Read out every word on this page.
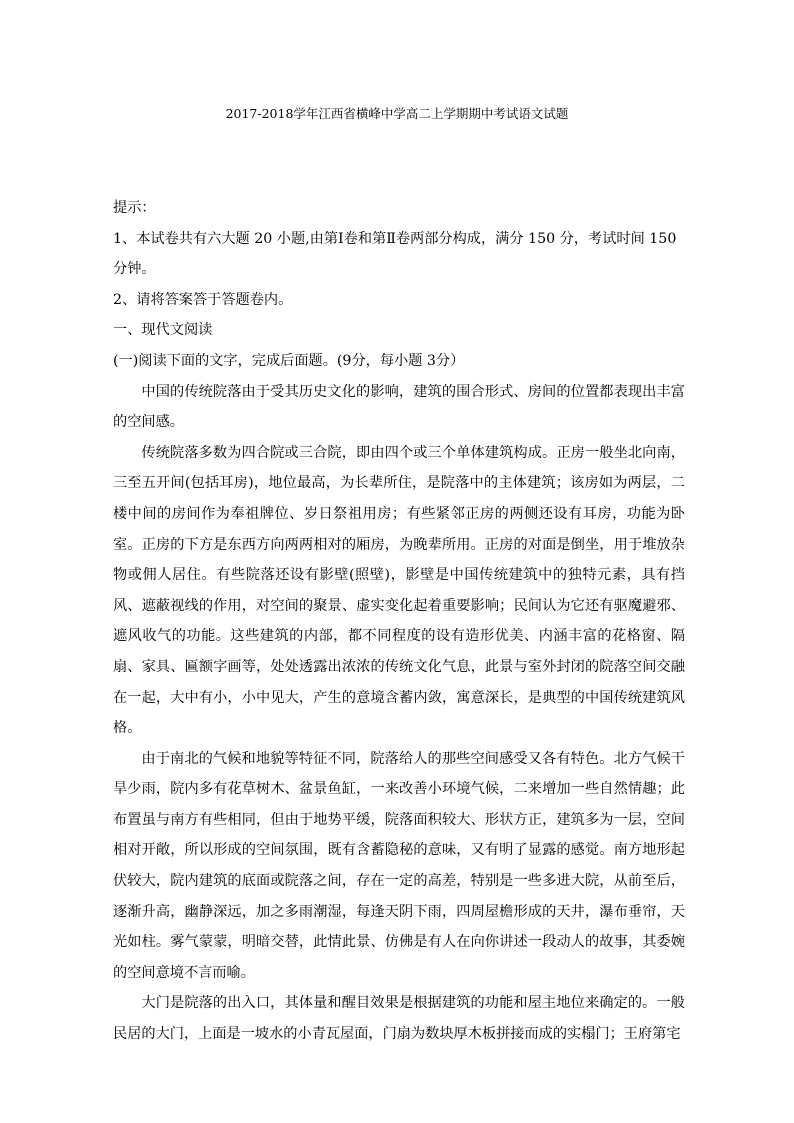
2017-2018学年江西省横峰中学高二上学期期中考试语文试题

提示：

1、本试卷共有六大题 20 小题,由第Ⅰ卷和第Ⅱ卷两部分构成，满分 150 分，考试时间 150 分钟。

2、请将答案答于答题卷内。

一、现代文阅读

(一)阅读下面的文字，完成后面题。(9分，每小题 3分）

中国的传统院落由于受其历史文化的影响，建筑的围合形式、房间的位置都表现出丰富的空间感。

传统院落多数为四合院或三合院，即由四个或三个单体建筑构成。正房一般坐北向南，三至五开间(包括耳房)，地位最高，为长辈所住，是院落中的主体建筑；该房如为两层，二楼中间的房间作为奉祖牌位、岁日祭祖用房；有些紧邻正房的两侧还设有耳房，功能为卧室。正房的下方是东西方向两两相对的厢房，为晚辈所用。正房的对面是倒坐，用于堆放杂物或佣人居住。有些院落还设有影壁(照壁)，影壁是中国传统建筑中的独特元素，具有挡风、遮蔽视线的作用，对空间的聚景、虚实变化起着重要影响；民间认为它还有驱魔避邪、遮风收气的功能。这些建筑的内部，都不同程度的设有造形优美、内涵丰富的花格窗、隔扇、家具、匾额字画等，处处透露出浓浓的传统文化气息，此景与室外封闭的院落空间交融在一起，大中有小，小中见大，产生的意境含蓄内敛，寓意深长，是典型的中国传统建筑风格。

由于南北的气候和地貌等特征不同，院落给人的那些空间感受又各有特色。北方气候干旱少雨，院内多有花草树木、盆景鱼缸，一来改善小环境气候，二来增加一些自然情趣；此布置虽与南方有些相同，但由于地势平缓，院落面积较大、形状方正，建筑多为一层，空间相对开敞，所以形成的空间氛围，既有含蓄隐秘的意味，又有明了显露的感觉。南方地形起伏较大，院内建筑的底面或院落之间，存在一定的高差，特别是一些多进大院，从前至后，逐渐升高，幽静深远，加之多雨潮湿，每逢天阴下雨，四周屋檐形成的天井，瀑布垂帘，天光如柱。雾气蒙蒙，明暗交替，此情此景、仿佛是有人在向你讲述一段动人的故事，其委婉的空间意境不言而喻。

大门是院落的出入口，其体量和醒目效果是根据建筑的功能和屋主地位来确定的。一般民居的大门，上面是一坡水的小青瓦屋面，门扇为数块厚木板拼接而成的实榻门；王府第宅
